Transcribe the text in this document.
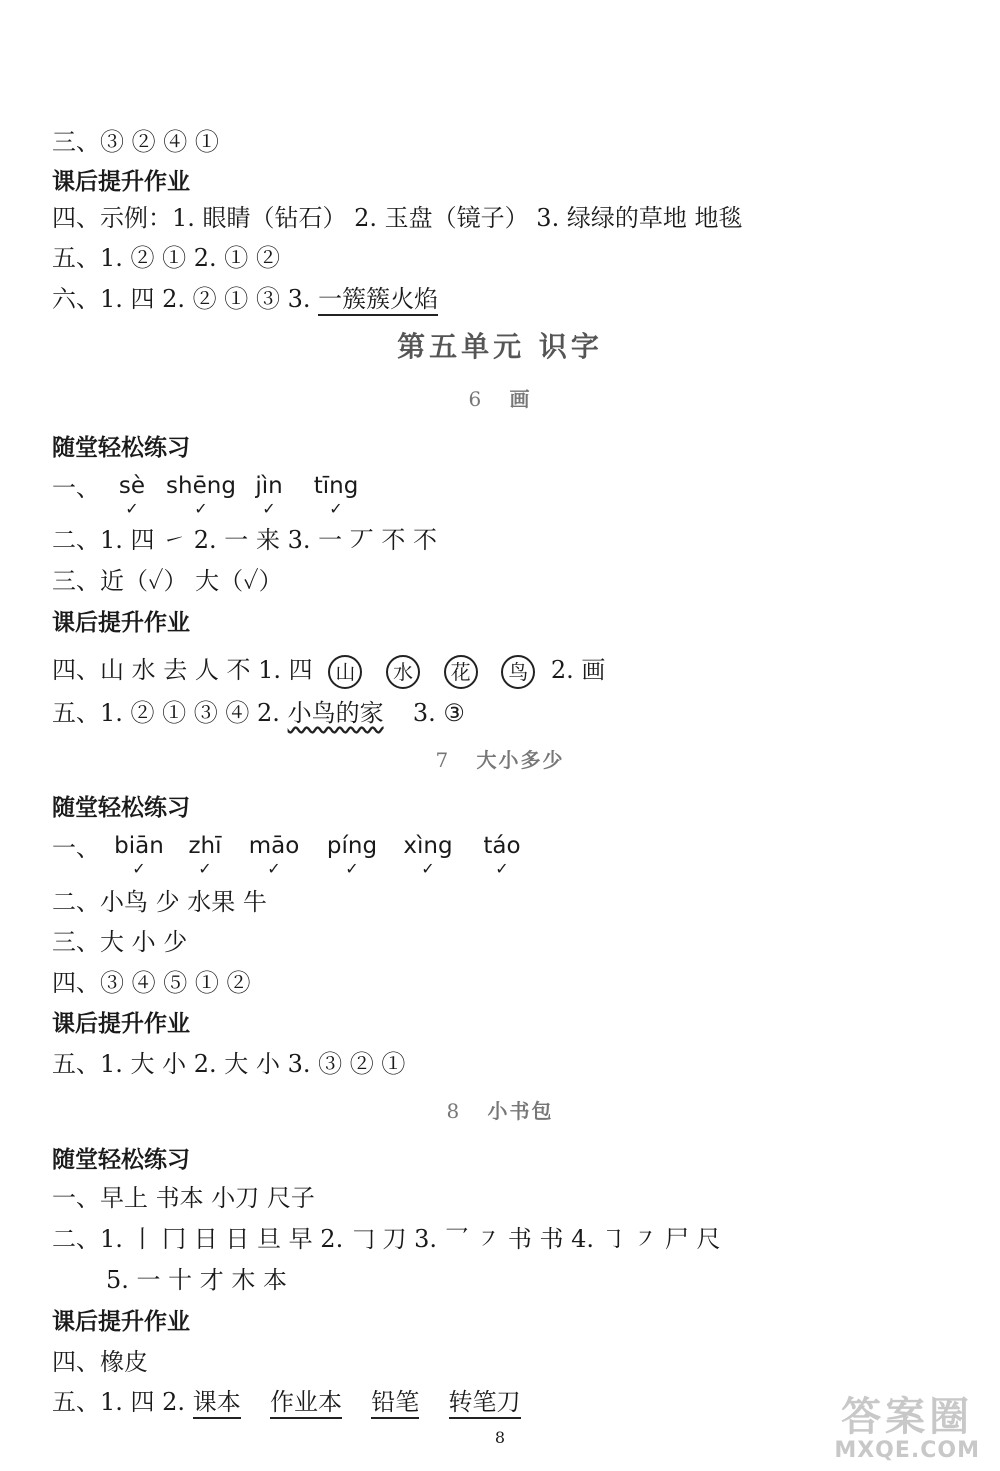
三、③ ② ④ ①
课后提升作业
四、示例：1. 眼睛（钻石） 2. 玉盘（镜子） 3. 绿绿的草地 地毯
五、1. ② ① 2. ① ②
六、1. 四 2. ② ① ③ 3. 一簇簇火焰
第五单元 识字
6 画
随堂轻松练习
一、 sè
✓
shēng
✓
jìn
✓
tīng
✓
二、1. 四 ㇀ 2. 一 来 3. 一 丆 不 不
三、近（✓） 大（✓）
课后提升作业
四、山 水 去 人 不 1. 四 山 水 花 鸟 2. 画
五、1. ② ① ③ ④ 2. 小鸟的家 3. ③
7 大小多少
随堂轻松练习
一、 biān
✓
zhī
✓
māo
✓
píng
✓
xìng
✓
táo
✓
二、小鸟 少 水果 牛
三、大 小 少
四、③ ④ ⑤ ① ②
课后提升作业
五、1. 大 小 2. 大 小 3. ③ ② ①
8 小书包
随堂轻松练习
一、早上 书本 小刀 尺子
二、1. 丨 冂 日 日 旦 早 2. 𠃌 刀 3. 乛 ㇇ 书 书 4. ㇆ ㇇ 尸 尺
5. 一 十 才 木 本
课后提升作业
四、橡皮
五、1. 四 2. 课本 作业本 铅笔 转笔刀
8	答案圈
MXQE.COM
